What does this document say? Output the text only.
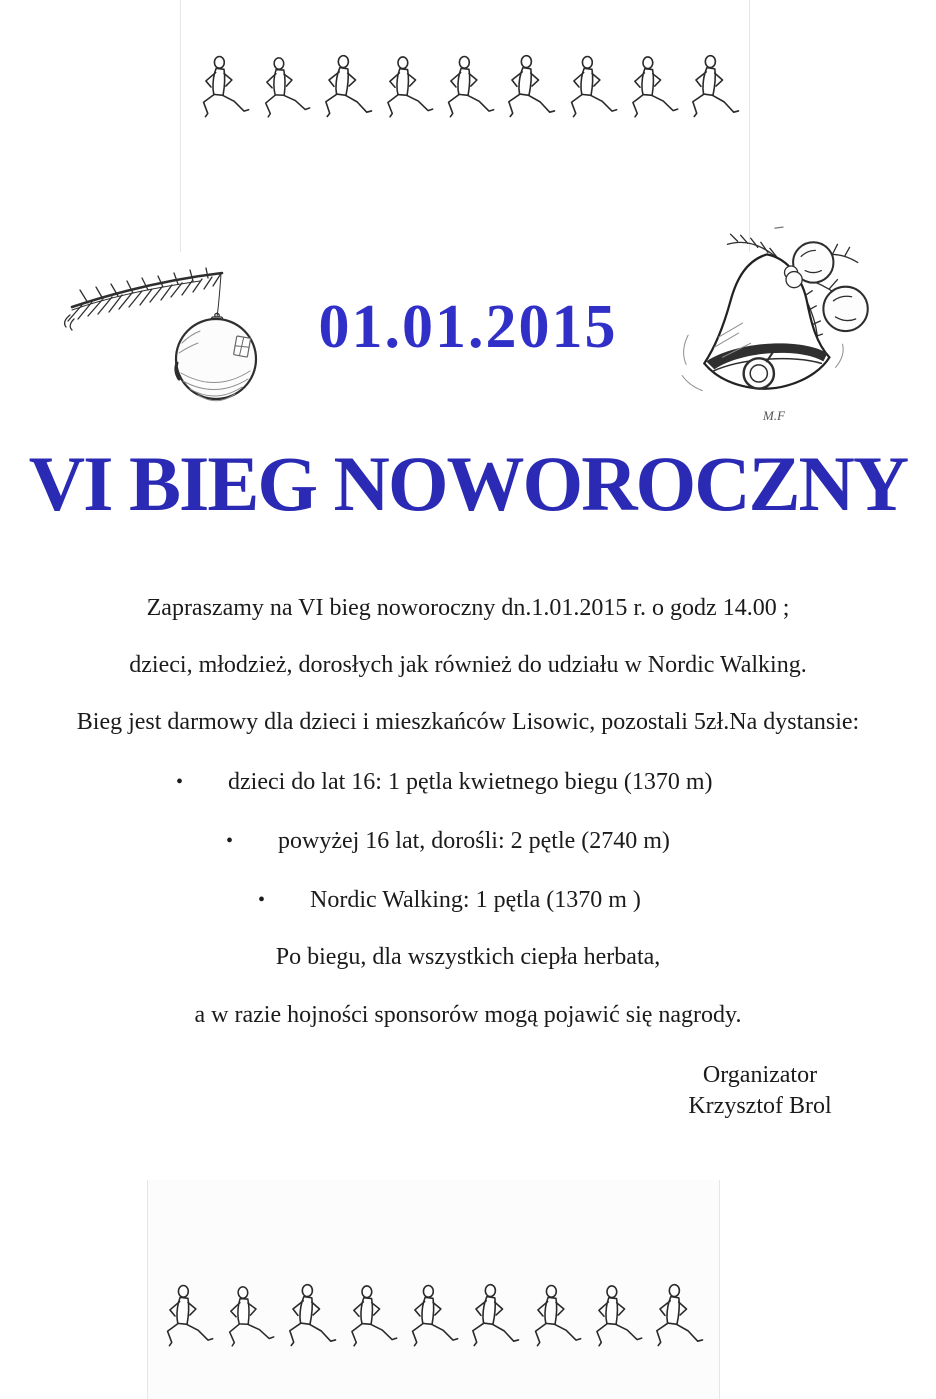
01.01.2015
M.F
VI BIEG NOWOROCZNY
Zapraszamy na VI bieg noworoczny dn.1.01.2015 r. o godz 14.00 ;
dzieci, młodzież, dorosłych jak również do udziału w Nordic Walking.
Bieg jest darmowy dla dzieci i mieszkańców Lisowic, pozostali 5zł.Na dystansie:
• dzieci do lat 16: 1 pętla kwietnego biegu (1370 m)
• powyżej 16 lat, dorośli: 2 pętle (2740 m)
• Nordic Walking: 1 pętla (1370 m )
Po biegu, dla wszystkich ciepła herbata,
a w razie hojności sponsorów mogą pojawić się nagrody.
Organizator
Krzysztof Brol
